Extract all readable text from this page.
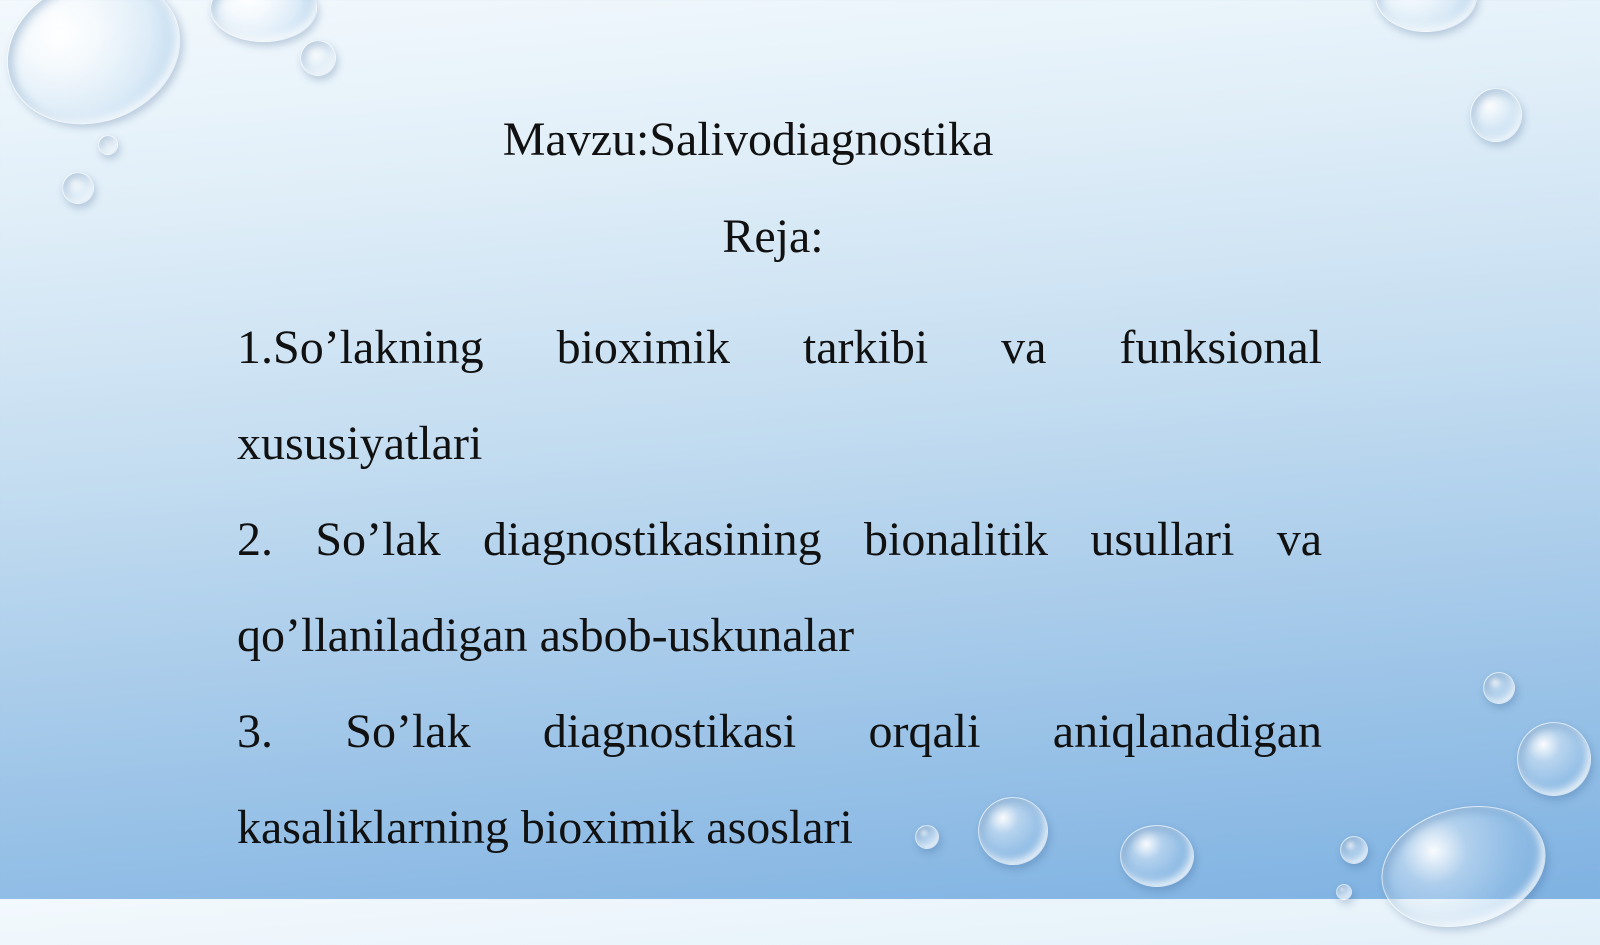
Mavzu:Salivodiagnostika
Reja:
1.So’lakning bioximik tarkibi va funksional xususiyatlari
2. So’lak diagnostikasining bionalitik usullari va qo’llaniladigan asbob-uskunalar
3. So’lak diagnostikasi orqali aniqlanadigan kasaliklarning bioximik asoslari
